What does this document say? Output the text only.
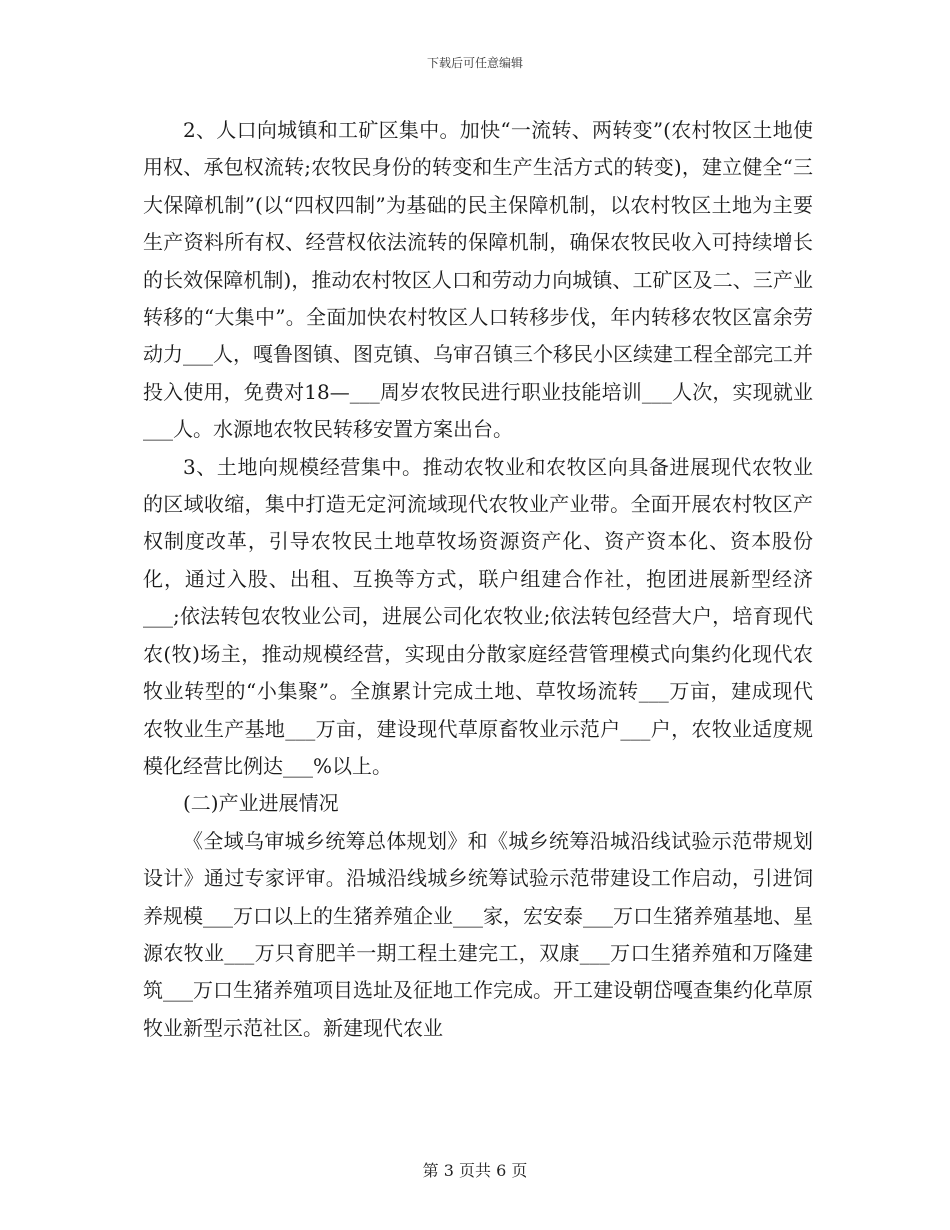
下载后可任意编辑

2、人口向城镇和工矿区集中。加快“一流转、两转变”(农村牧区土地使用权、承包权流转;农牧民身份的转变和生产生活方式的转变)，建立健全“三大保障机制”(以“四权四制”为基础的民主保障机制，以农村牧区土地为主要生产资料所有权、经营权依法流转的保障机制，确保农牧民收入可持续增长的长效保障机制)，推动农村牧区人口和劳动力向城镇、工矿区及二、三产业转移的“大集中”。全面加快农村牧区人口转移步伐，年内转移农牧区富余劳动力___人，嘎鲁图镇、图克镇、乌审召镇三个移民小区续建工程全部完工并投入使用，免费对18—___周岁农牧民进行职业技能培训___人次，实现就业___人。水源地农牧民转移安置方案出台。

3、土地向规模经营集中。推动农牧业和农牧区向具备进展现代农牧业的区域收缩，集中打造无定河流域现代农牧业产业带。全面开展农村牧区产权制度改革，引导农牧民土地草牧场资源资产化、资产资本化、资本股份化，通过入股、出租、互换等方式，联户组建合作社，抱团进展新型经济___;依法转包农牧业公司，进展公司化农牧业;依法转包经营大户，培育现代农(牧)场主，推动规模经营，实现由分散家庭经营管理模式向集约化现代农牧业转型的“小集聚”。全旗累计完成土地、草牧场流转___万亩，建成现代农牧业生产基地___万亩，建设现代草原畜牧业示范户___户，农牧业适度规模化经营比例达___%以上。

(二)产业进展情况

《全域乌审城乡统筹总体规划》和《城乡统筹沿城沿线试验示范带规划设计》通过专家评审。沿城沿线城乡统筹试验示范带建设工作启动，引进饲养规模___万口以上的生猪养殖企业___家，宏安泰___万口生猪养殖基地、星源农牧业___万只育肥羊一期工程土建完工，双康___万口生猪养殖和万隆建筑___万口生猪养殖项目选址及征地工作完成。开工建设朝岱嘎查集约化草原牧业新型示范社区。新建现代农业

第 3 页共 6 页
